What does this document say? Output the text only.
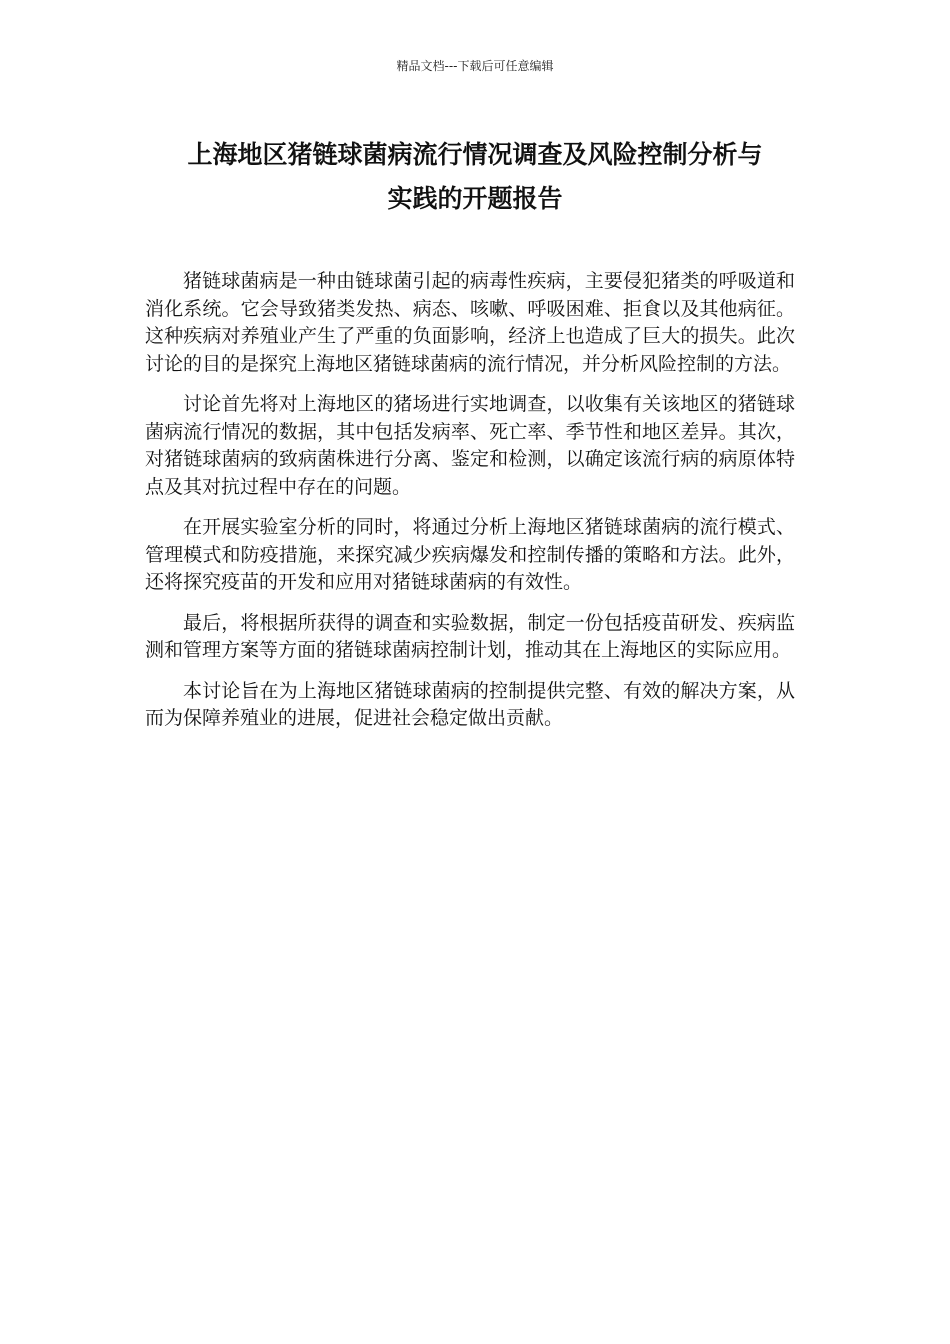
精品文档---下载后可任意编辑
上海地区猪链球菌病流行情况调查及风险控制分析与
实践的开题报告

猪链球菌病是一种由链球菌引起的病毒性疾病，主要侵犯猪类的呼吸道和消化系统。它会导致猪类发热、病态、咳嗽、呼吸困难、拒食以及其他病征。这种疾病对养殖业产生了严重的负面影响，经济上也造成了巨大的损失。此次讨论的目的是探究上海地区猪链球菌病的流行情况，并分析风险控制的方法。

讨论首先将对上海地区的猪场进行实地调查，以收集有关该地区的猪链球菌病流行情况的数据，其中包括发病率、死亡率、季节性和地区差异。其次，对猪链球菌病的致病菌株进行分离、鉴定和检测，以确定该流行病的病原体特点及其对抗过程中存在的问题。

在开展实验室分析的同时，将通过分析上海地区猪链球菌病的流行模式、管理模式和防疫措施，来探究减少疾病爆发和控制传播的策略和方法。此外，还将探究疫苗的开发和应用对猪链球菌病的有效性。

最后，将根据所获得的调查和实验数据，制定一份包括疫苗研发、疾病监测和管理方案等方面的猪链球菌病控制计划，推动其在上海地区的实际应用。

本讨论旨在为上海地区猪链球菌病的控制提供完整、有效的解决方案，从而为保障养殖业的进展，促进社会稳定做出贡献。
